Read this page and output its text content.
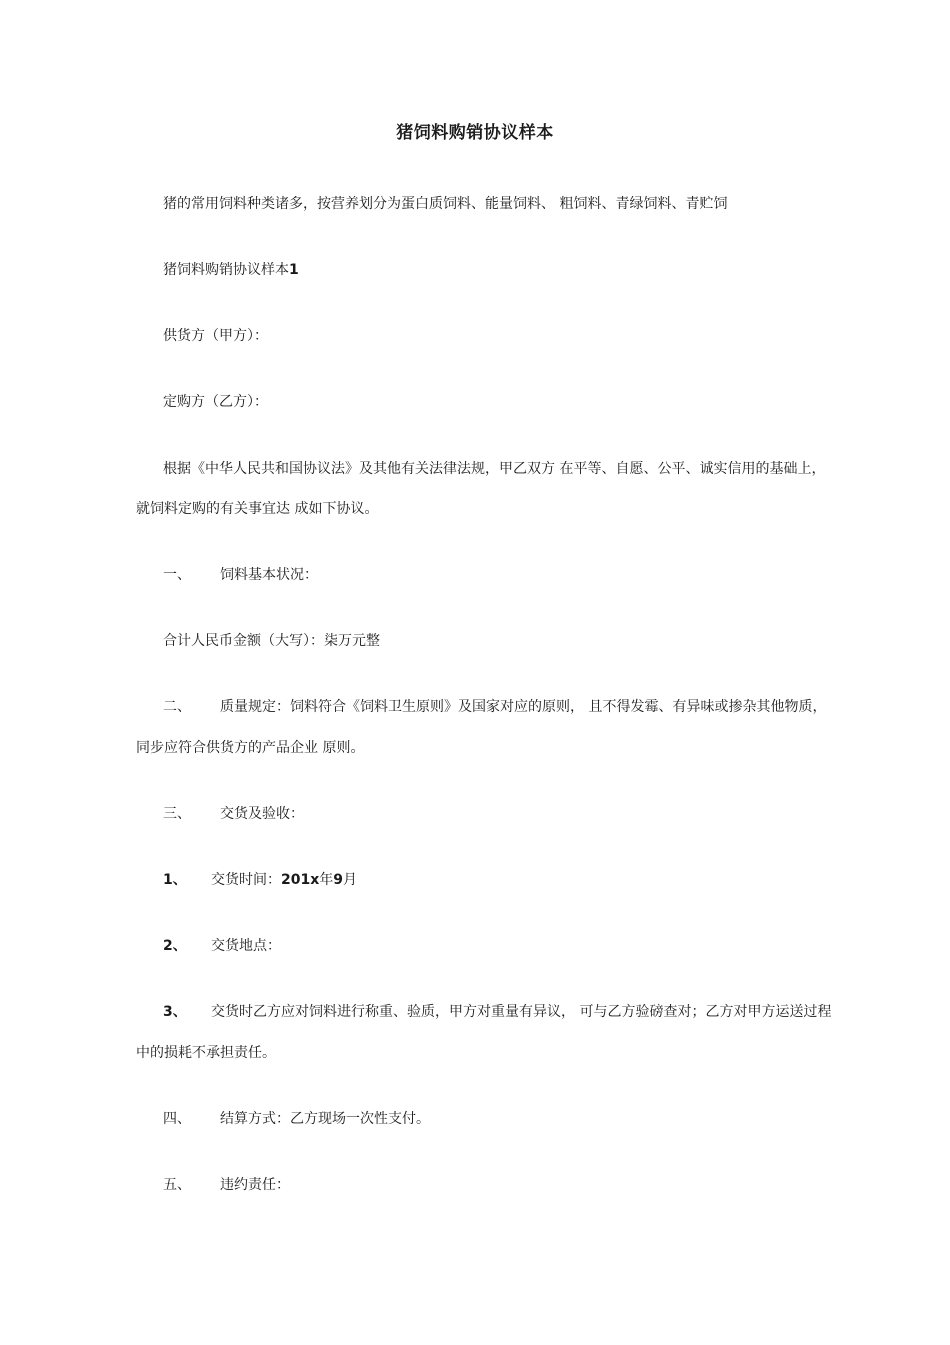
猪饲料购销协议样本
猪的常用饲料种类诸多，按营养划分为蛋白质饲料、能量饲料、 粗饲料、青绿饲料、青贮饲
猪饲料购销协议样本1
供货方（甲方）：
定购方（乙方）：
根据《中华人民共和国协议法》及其他有关法律法规，甲乙双方 在平等、自愿、公平、诚实信用的基础上，
就饲料定购的有关事宜达 成如下协议。
一、 饲料基本状况：
合计人民币金额（大写）：柒万元整
二、 质量规定：饲料符合《饲料卫生原则》及国家对应的原则， 且不得发霉、有异味或掺杂其他物质，
同步应符合供货方的产品企业 原则。
三、 交货及验收：
1、 交货时间：201x年9月
2、 交货地点：
3、 交货时乙方应对饲料进行称重、验质，甲方对重量有异议， 可与乙方验磅查对；乙方对甲方运送过程
中的损耗不承担责任。
四、 结算方式：乙方现场一次性支付。
五、 违约责任：
